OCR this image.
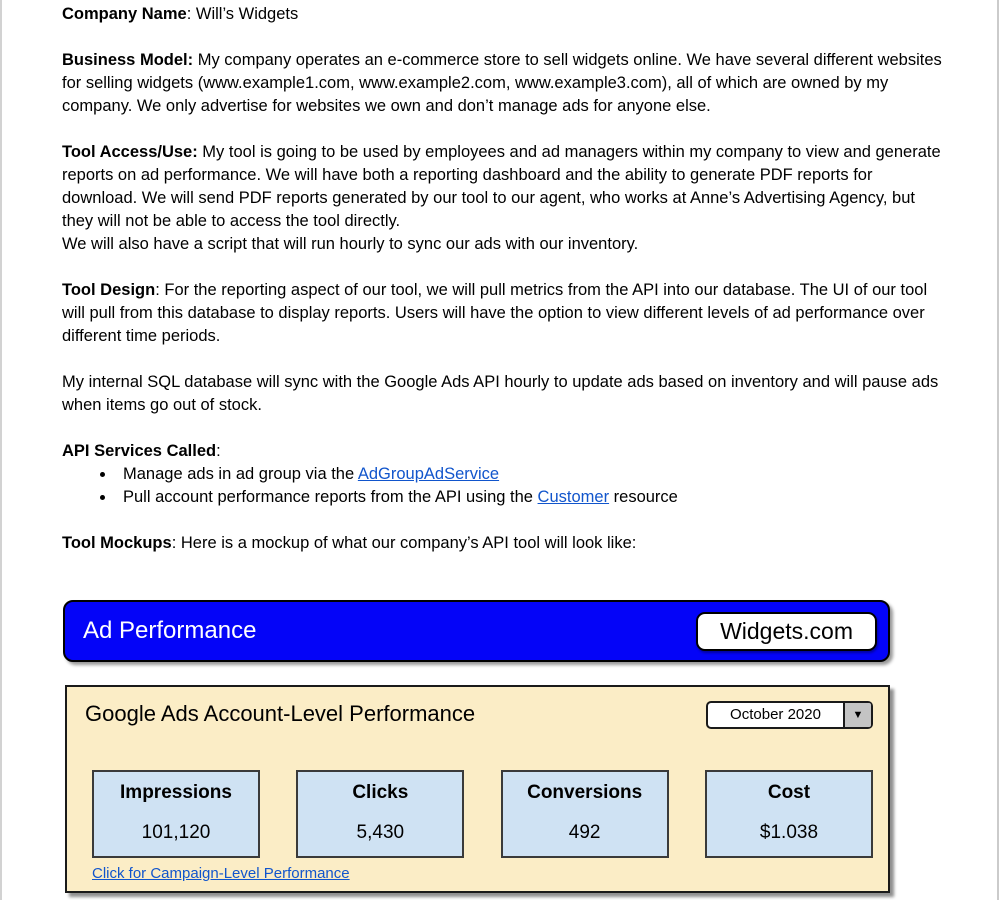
Company Name: Will’s Widgets

Business Model: My company operates an e-commerce store to sell widgets online. We have several different websites for selling widgets (www.example1.com, www.example2.com, www.example3.com), all of which are owned by my company. We only advertise for websites we own and don’t manage ads for anyone else.

Tool Access/Use: My tool is going to be used by employees and ad managers within my company to view and generate reports on ad performance. We will have both a reporting dashboard and the ability to generate PDF reports for download. We will send PDF reports generated by our tool to our agent, who works at Anne’s Advertising Agency, but they will not be able to access the tool directly.

We will also have a script that will run hourly to sync our ads with our inventory.

Tool Design: For the reporting aspect of our tool, we will pull metrics from the API into our database. The UI of our tool will pull from this database to display reports. Users will have the option to view different levels of ad performance over different time periods.

My internal SQL database will sync with the Google Ads API hourly to update ads based on inventory and will pause ads when items go out of stock.

API Services Called:

• Manage ads in ad group via the AdGroupAdService
• Pull account performance reports from the API using the Customer resource

Tool Mockups: Here is a mockup of what our company’s API tool will look like:

Ad Performance	Widgets.com
Google Ads Account-Level Performance	October 2020	▼
Impressions
101,120
Clicks
5,430
Conversions
492
Cost
$1.038
Click for Campaign-Level Performance
